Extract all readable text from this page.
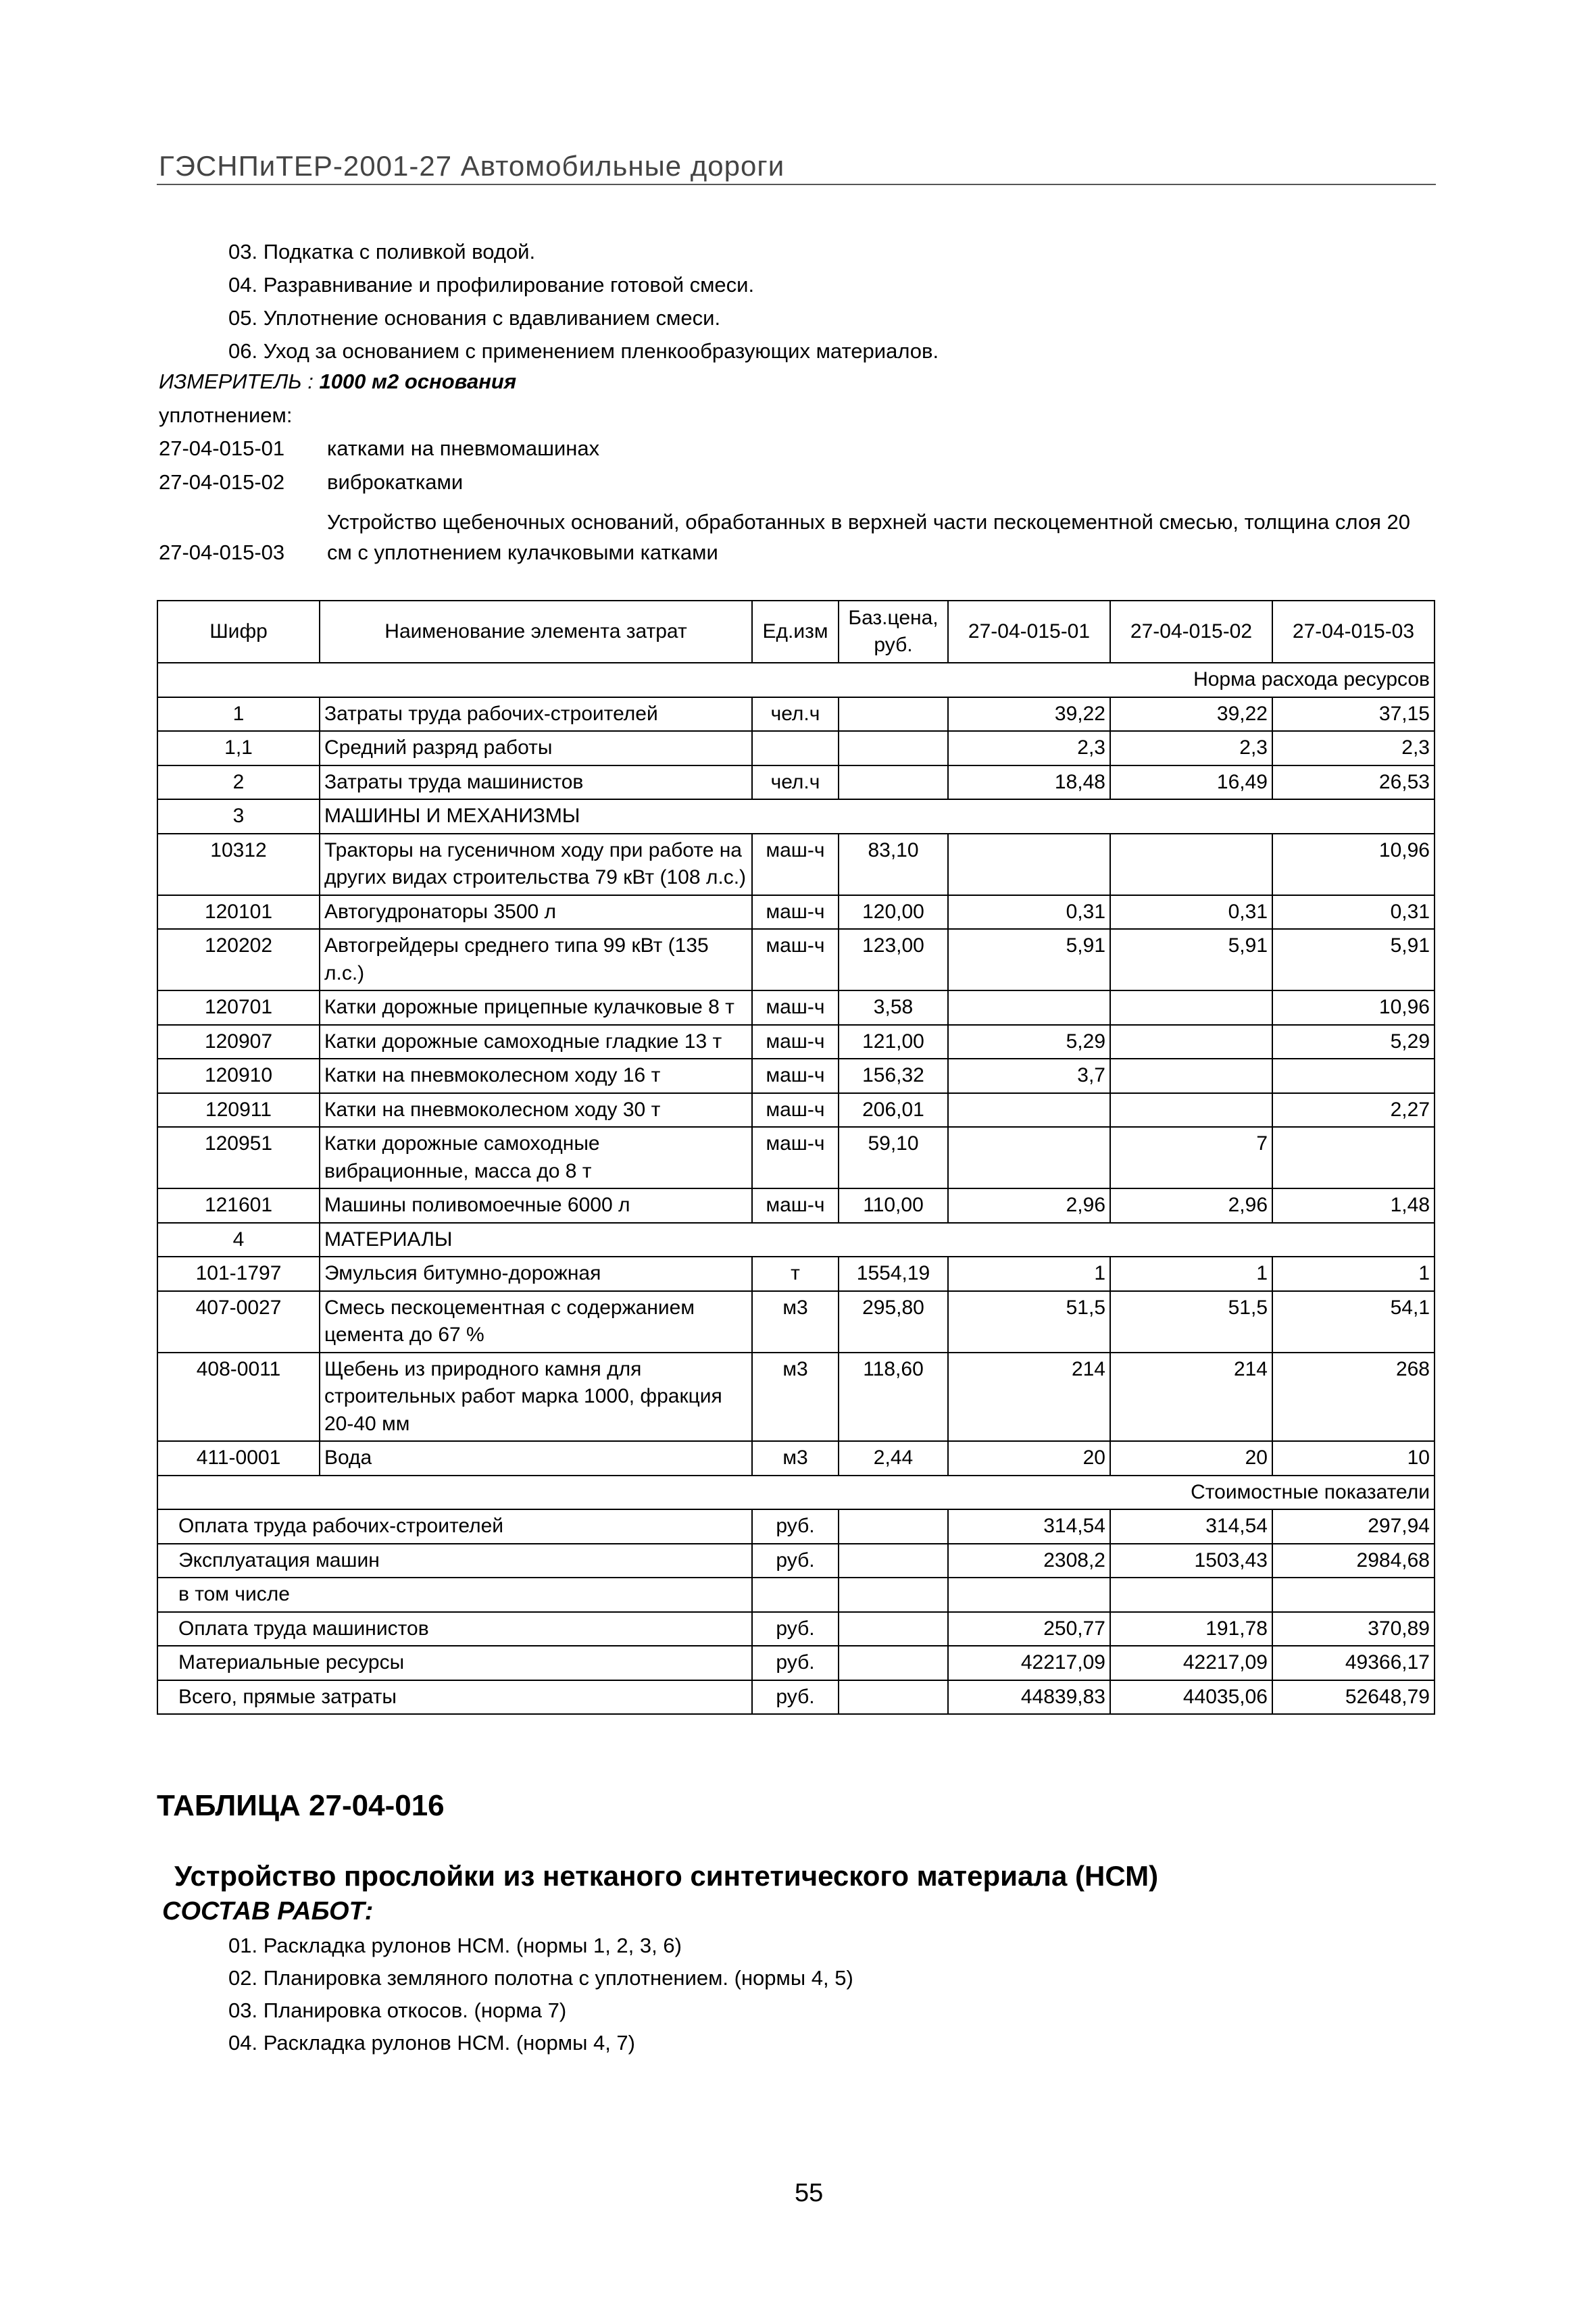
ГЭСНПиТЕР-2001-27 Автомобильные дороги
03. Подкатка с поливкой водой.
04. Разравнивание и профилирование готовой смеси.
05. Уплотнение основания с вдавливанием смеси.
06. Уход за основанием с применением пленкообразующих материалов.
ИЗМЕРИТЕЛЬ : 1000 м2 основания
уплотнением:
27-04-015-01 катками на пневмомашинах
27-04-015-02 виброкатками
Устройство щебеночных оснований, обработанных в верхней части пескоцементной смесью, толщина слоя 20
27-04-015-03 см с уплотнением кулачковыми катками
Шифр	Наименование элемента затрат	Ед.изм	Баз.цена, руб.	27-04-015-01	27-04-015-02	27-04-015-03
Норма расхода ресурсов						
1	Затраты труда рабочих-строителей	чел.ч		39,22	39,22	37,15
1,1	Средний разряд работы			2,3	2,3	2,3
2	Затраты труда машинистов	чел.ч		18,48	16,49	26,53
3	МАШИНЫ И МЕХАНИЗМЫ					
10312	Тракторы на гусеничном ходу при работе на других видах строительства 79 кВт (108 л.с.)	маш-ч	83,10			10,96
120101	Автогудронаторы 3500 л	маш-ч	120,00	0,31	0,31	0,31
120202	Автогрейдеры среднего типа 99 кВт (135 л.с.)	маш-ч	123,00	5,91	5,91	5,91
120701	Катки дорожные прицепные кулачковые 8 т	маш-ч	3,58			10,96
120907	Катки дорожные самоходные гладкие 13 т	маш-ч	121,00	5,29		5,29
120910	Катки на пневмоколесном ходу 16 т	маш-ч	156,32	3,7		
120911	Катки на пневмоколесном ходу 30 т	маш-ч	206,01			2,27
120951	Катки дорожные самоходные вибрационные, масса до 8 т	маш-ч	59,10		7	
121601	Машины поливомоечные 6000 л	маш-ч	110,00	2,96	2,96	1,48
4	МАТЕРИАЛЫ					
101-1797	Эмульсия битумно-дорожная	т	1554,19	1	1	1
407-0027	Смесь пескоцементная с содержанием цемента до 67 %	м3	295,80	51,5	51,5	54,1
408-0011	Щебень из природного камня для строительных работ марка 1000, фракция 20-40 мм	м3	118,60	214	214	268
411-0001	Вода	м3	2,44	20	20	10
Стоимостные показатели						
Оплата труда рабочих-строителей		руб.		314,54	314,54	297,94
Эксплуатация машин		руб.		2308,2	1503,43	2984,68
в том числе						
Оплата труда машинистов		руб.		250,77	191,78	370,89
Материальные ресурсы		руб.		42217,09	42217,09	49366,17
Всего, прямые затраты		руб.		44839,83	44035,06	52648,79
ТАБЛИЦА 27-04-016
Устройство прослойки из нетканого синтетического материала (НСМ)
СОСТАВ РАБОТ:
01. Раскладка рулонов НСМ. (нормы 1, 2, 3, 6)
02. Планировка земляного полотна с уплотнением. (нормы 4, 5)
03. Планировка откосов. (норма 7)
04. Раскладка рулонов НСМ. (нормы 4, 7)
55
